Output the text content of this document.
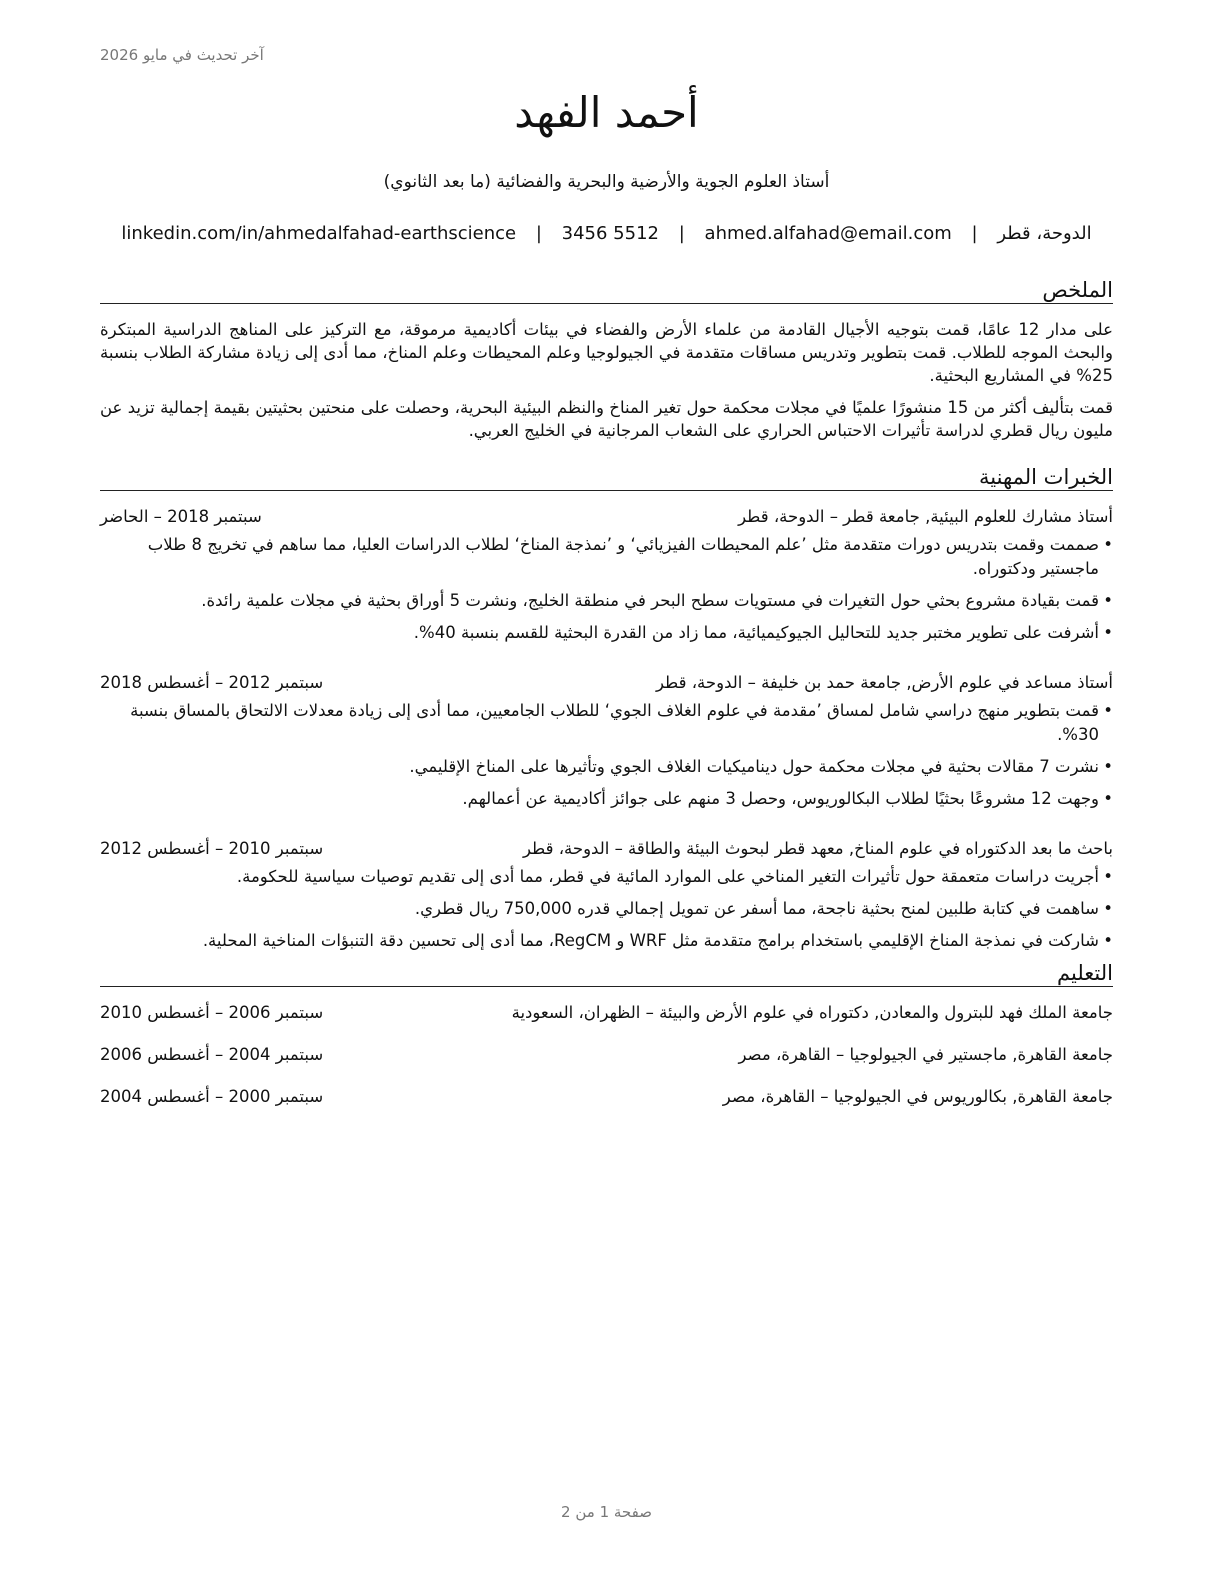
آخر تحديث في مايو 2026
أحمد الفهد
أستاذ العلوم الجوية والأرضية والبحرية والفضائية (ما بعد الثانوي)
الدوحة، قطر | ahmed.alfahad@email.com | 3456 5512 | linkedin.com/in/ahmedalfahad-earthscience
الملخص

على مدار 12 عامًا، قمت بتوجيه الأجيال القادمة من علماء الأرض والفضاء في بيئات أكاديمية مرموقة، مع التركيز على المناهج الدراسية المبتكرة والبحث الموجه للطلاب. قمت بتطوير وتدريس مساقات متقدمة في الجيولوجيا وعلم المحيطات وعلم المناخ، مما أدى إلى زيادة مشاركة الطلاب بنسبة 25% في المشاريع البحثية.

قمت بتأليف أكثر من 15 منشورًا علميًا في مجلات محكمة حول تغير المناخ والنظم البيئية البحرية، وحصلت على منحتين بحثيتين بقيمة إجمالية تزيد عن مليون ريال قطري لدراسة تأثيرات الاحتباس الحراري على الشعاب المرجانية في الخليج العربي.

الخبرات المهنية
أستاذ مشارك للعلوم البيئية, جامعة قطر – الدوحة، قطر
سبتمبر 2018 – الحاضر
•
صممت وقمت بتدريس دورات متقدمة مثل ’علم المحيطات الفيزيائي‘ و ’نمذجة المناخ‘ لطلاب الدراسات العليا، مما ساهم في تخريج 8 طلاب ماجستير ودكتوراه.
•
قمت بقيادة مشروع بحثي حول التغيرات في مستويات سطح البحر في منطقة الخليج، ونشرت 5 أوراق بحثية في مجلات علمية رائدة.
•
أشرفت على تطوير مختبر جديد للتحاليل الجيوكيميائية، مما زاد من القدرة البحثية للقسم بنسبة 40%.
أستاذ مساعد في علوم الأرض, جامعة حمد بن خليفة – الدوحة، قطر
سبتمبر 2012 – أغسطس 2018
•
قمت بتطوير منهج دراسي شامل لمساق ’مقدمة في علوم الغلاف الجوي‘ للطلاب الجامعيين، مما أدى إلى زيادة معدلات الالتحاق بالمساق بنسبة 30%.
•
نشرت 7 مقالات بحثية في مجلات محكمة حول ديناميكيات الغلاف الجوي وتأثيرها على المناخ الإقليمي.
•
وجهت 12 مشروعًا بحثيًا لطلاب البكالوريوس، وحصل 3 منهم على جوائز أكاديمية عن أعمالهم.
باحث ما بعد الدكتوراه في علوم المناخ, معهد قطر لبحوث البيئة والطاقة – الدوحة، قطر
سبتمبر 2010 – أغسطس 2012
•
أجريت دراسات متعمقة حول تأثيرات التغير المناخي على الموارد المائية في قطر، مما أدى إلى تقديم توصيات سياسية للحكومة.
•
ساهمت في كتابة طلبين لمنح بحثية ناجحة، مما أسفر عن تمويل إجمالي قدره 750,000 ريال قطري.
•
شاركت في نمذجة المناخ الإقليمي باستخدام برامج متقدمة مثل WRF و RegCM، مما أدى إلى تحسين دقة التنبؤات المناخية المحلية.
التعليم
جامعة الملك فهد للبترول والمعادن, دكتوراه في علوم الأرض والبيئة – الظهران، السعودية
سبتمبر 2006 – أغسطس 2010
جامعة القاهرة, ماجستير في الجيولوجيا – القاهرة، مصر
سبتمبر 2004 – أغسطس 2006
جامعة القاهرة, بكالوريوس في الجيولوجيا – القاهرة، مصر
سبتمبر 2000 – أغسطس 2004
صفحة 1 من 2
